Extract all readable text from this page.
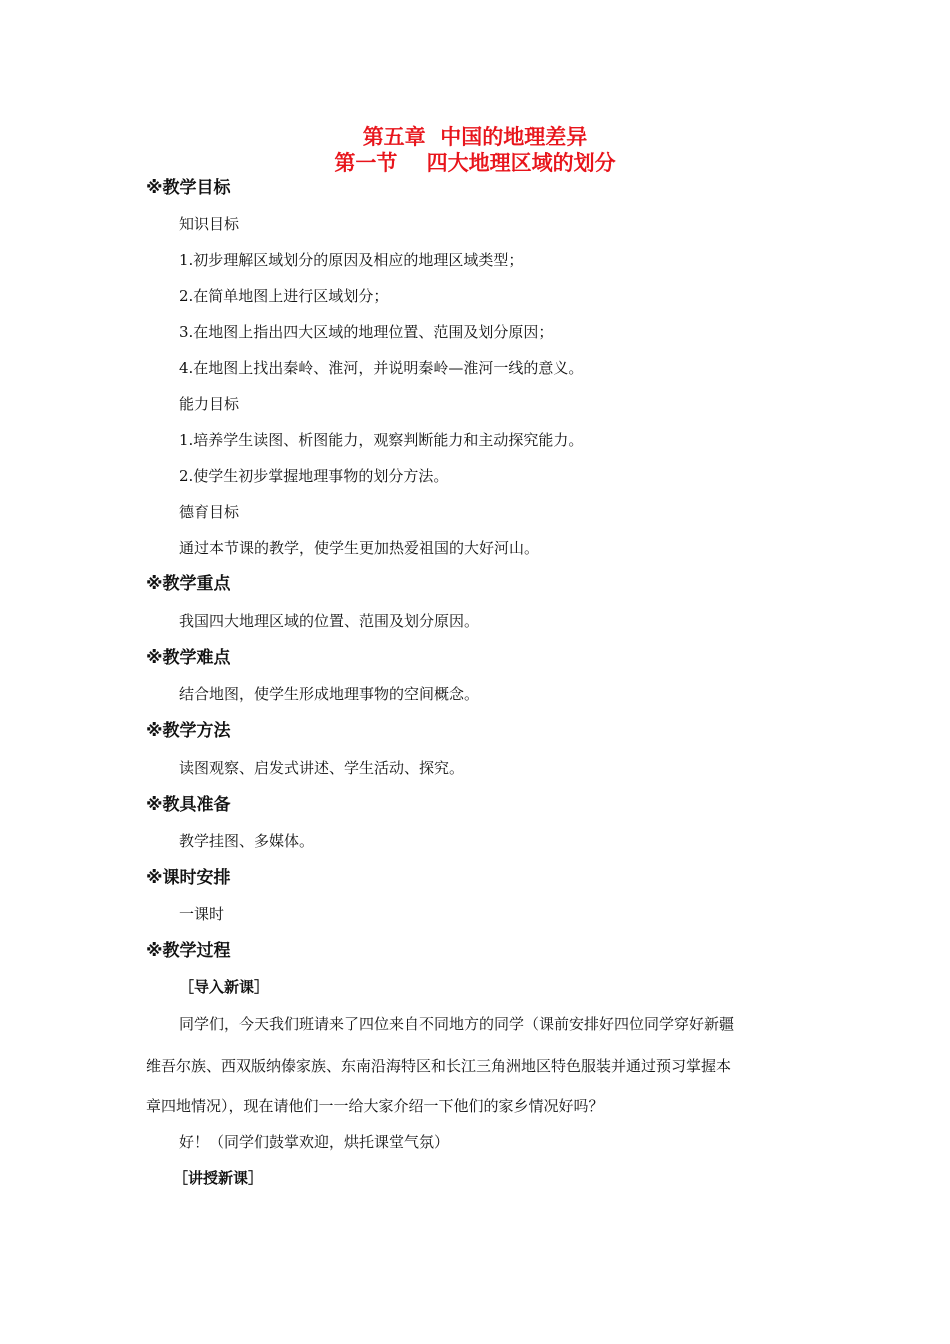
第五章  中国的地理差异
第一节    四大地理区域的划分
※教学目标
知识目标
1.初步理解区域划分的原因及相应的地理区域类型；
2.在简单地图上进行区域划分；
3.在地图上指出四大区域的地理位置、范围及划分原因；
4.在地图上找出秦岭、淮河，并说明秦岭—淮河一线的意义。
能力目标
1.培养学生读图、析图能力，观察判断能力和主动探究能力。
2.使学生初步掌握地理事物的划分方法。
德育目标
通过本节课的教学，使学生更加热爱祖国的大好河山。
※教学重点
我国四大地理区域的位置、范围及划分原因。
※教学难点
结合地图，使学生形成地理事物的空间概念。
※教学方法
读图观察、启发式讲述、学生活动、探究。
※教具准备
教学挂图、多媒体。
※课时安排
一课时
※教学过程
［导入新课］
同学们，今天我们班请来了四位来自不同地方的同学（课前安排好四位同学穿好新疆
维吾尔族、西双版纳傣家族、东南沿海特区和长江三角洲地区特色服装并通过预习掌握本
章四地情况），现在请他们一一给大家介绍一下他们的家乡情况好吗？
好！（同学们鼓掌欢迎，烘托课堂气氛）
［讲授新课］
